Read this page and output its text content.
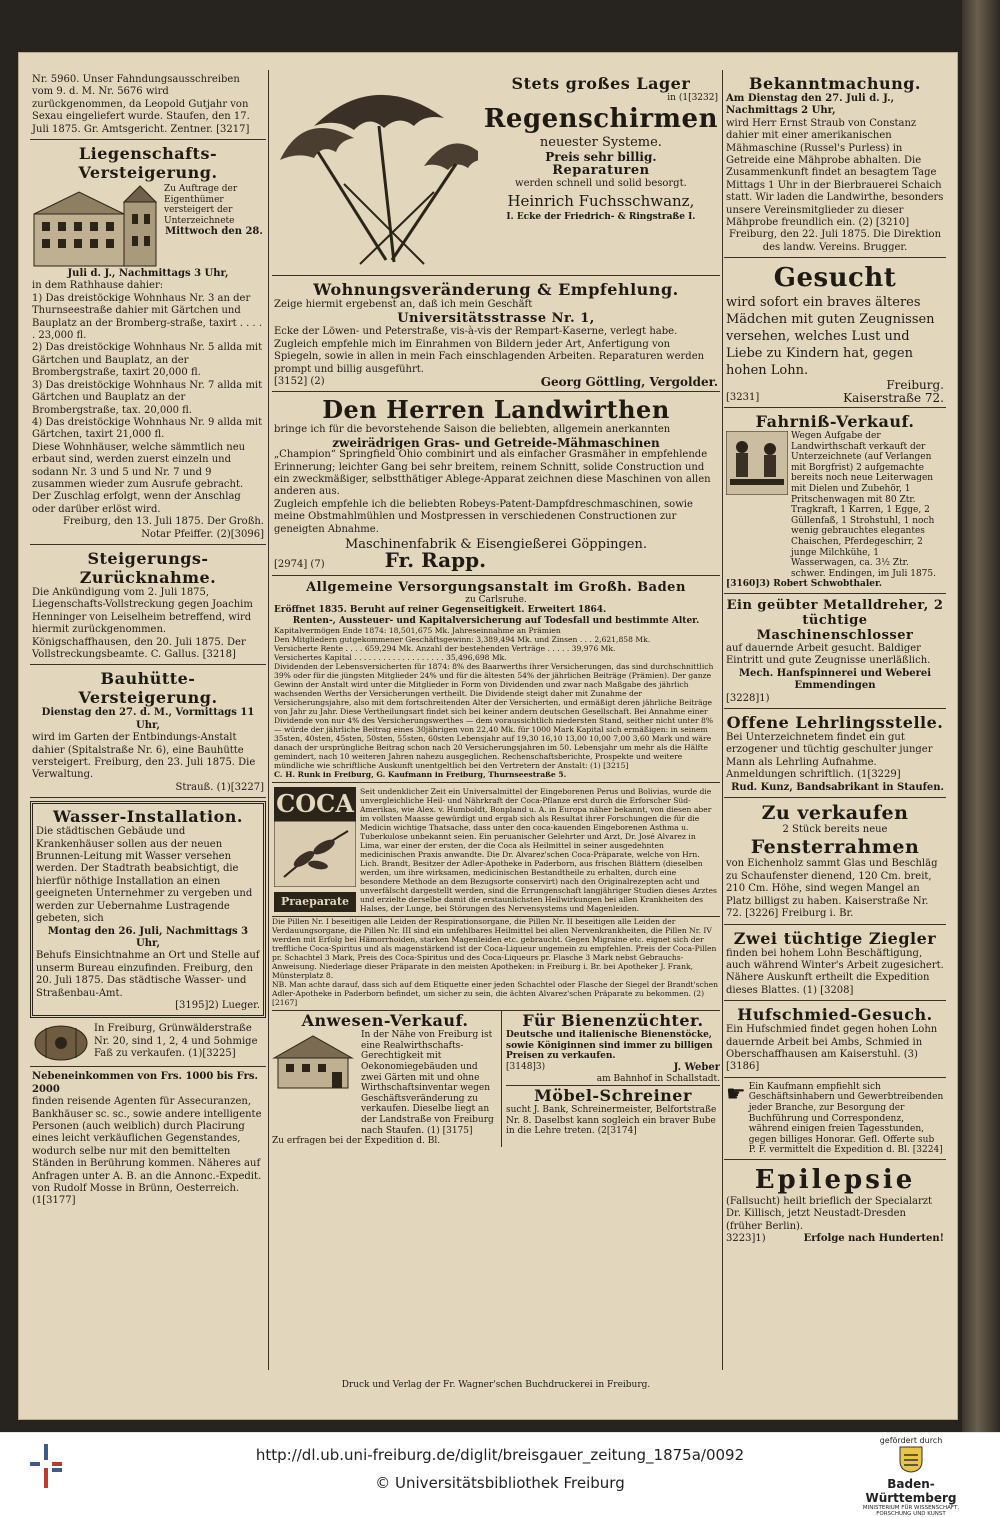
Nr. 5960. Unser Fahndungsausschreiben vom 9. d. M. Nr. 5676 wird zurückgenommen, da Leopold Gutjahr von Sexau eingeliefert wurde. Staufen, den 17. Juli 1875. Gr. Amtsgericht. Zentner. [3217]

Liegenschafts-Versteigerung.

Zu Auftrage der Eigenthümer versteigert der Unterzeichnete

Mittwoch den 28.

Juli d. J., Nachmittags 3 Uhr,

in dem Rathhause dahier:

1) Das dreistöckige Wohnhaus Nr. 3 an der Thurnseestraße dahier mit Gärtchen und Bauplatz an der Bromberg-straße, taxirt . . . . . 23,000 fl.

2) Das dreistöckige Wohnhaus Nr. 5 allda mit Gärtchen und Bauplatz, an der Brombergstraße, taxirt 20,000 fl.

3) Das dreistöckige Wohnhaus Nr. 7 allda mit Gärtchen und Bauplatz an der Brombergstraße, tax. 20,000 fl.

4) Das dreistöckige Wohnhaus Nr. 9 allda mit Gärtchen, taxirt 21,000 fl.

Diese Wohnhäuser, welche sämmtlich neu erbaut sind, werden zuerst einzeln und sodann Nr. 3 und 5 und Nr. 7 und 9 zusammen wieder zum Ausrufe gebracht. Der Zuschlag erfolgt, wenn der Anschlag oder darüber erlöst wird.

Freiburg, den 13. Juli 1875. Der Großh. Notar Pfeiffer. (2)[3096]

Steigerungs-Zurücknahme.

Die Ankündigung vom 2. Juli 1875, Liegenschafts-Vollstreckung gegen Joachim Henninger von Leiselheim betreffend, wird hiermit zurückgenommen. Königschaffhausen, den 20. Juli 1875. Der Vollstreckungsbeamte. C. Gallus. [3218]

Bauhütte-Versteigerung.

Dienstag den 27. d. M., Vormittags 11 Uhr,

wird im Garten der Entbindungs-Anstalt dahier (Spitalstraße Nr. 6), eine Bauhütte versteigert. Freiburg, den 23. Juli 1875. Die Verwaltung.

Strauß. (1)[3227]

Wasser-Installation.

Die städtischen Gebäude und Krankenhäuser sollen aus der neuen Brunnen-Leitung mit Wasser versehen werden. Der Stadtrath beabsichtigt, die hierfür nöthige Installation an einen geeigneten Unternehmer zu vergeben und werden zur Uebernahme Lustragende gebeten, sich

Montag den 26. Juli, Nachmittags 3 Uhr,

Behufs Einsichtnahme an Ort und Stelle auf unserm Bureau einzufinden. Freiburg, den 20. Juli 1875. Das städtische Wasser- und Straßenbau-Amt.

[3195]2) Lueger.

In Freiburg, Grünwälderstraße Nr. 20, sind 1, 2, 4 und 5ohmige Faß zu verkaufen. (1)[3225]

Nebeneinkommen von Frs. 1000 bis Frs. 2000

finden reisende Agenten für Assecuranzen, Bankhäuser sc. sc., sowie andere intelligente Personen (auch weiblich) durch Placirung eines leicht verkäuflichen Gegenstandes, wodurch selbe nur mit den bemittelten Ständen in Berührung kommen. Näheres auf Anfragen unter A. B. an die Annonc.-Expedit. von Rudolf Mosse in Brünn, Oesterreich. (1[3177]

Stets großes Lager

in (1[3232]

Regenschirmen

neuester Systeme.

Preis sehr billig.

Reparaturen

werden schnell und solid besorgt.

Heinrich Fuchsschwanz,

I. Ecke der Friedrich- & Ringstraße I.

Wohnungsveränderung & Empfehlung.

Zeige hiermit ergebenst an, daß ich mein Geschäft

Universitätsstrasse Nr. 1,

Ecke der Löwen- und Peterstraße, vis-à-vis der Rempart-Kaserne, verlegt habe.

Zugleich empfehle mich im Einrahmen von Bildern jeder Art, Anfertigung von Spiegeln, sowie in allen in mein Fach einschlagenden Arbeiten. Reparaturen werden prompt und billig ausgeführt.

[3152] (2)	Georg Göttling, Vergolder.
Den Herren Landwirthen

bringe ich für die bevorstehende Saison die beliebten, allgemein anerkannten

zweirädrigen Gras- und Getreide-Mähmaschinen

„Champion“ Springfield Ohio combinirt und als einfacher Grasmäher in empfehlende Erinnerung; leichter Gang bei sehr breitem, reinem Schnitt, solide Construction und ein zweckmäßiger, selbstthätiger Ablege-Apparat zeichnen diese Maschinen von allen anderen aus.

Zugleich empfehle ich die beliebten Robeys-Patent-Dampfdreschmaschinen, sowie meine Obstmahlmühlen und Mostpressen in verschiedenen Constructionen zur geneigten Abnahme.

Maschinenfabrik & Eisengießerei Göppingen.

[2974] (7)	Fr. Rapp.
Allgemeine Versorgungsanstalt im Großh. Baden

zu Carlsruhe.

Eröffnet 1835. Beruht auf reiner Gegenseitigkeit. Erweitert 1864.

Renten-, Aussteuer- und Kapitalversicherung auf Todesfall und bestimmte Alter.

Kapitalvermögen Ende 1874: 18,501,675 Mk. Jahreseinnahme an Prämien

Den Mitgliedern gutgekommener Geschäftsgewinn: 3,389,494 Mk. und Zinsen . . . 2,621,858 Mk.

Versicherte Rente . . . . 659,294 Mk. Anzahl der bestehenden Verträge . . . . . 39,976 Mk.

Versichertes Kapital . . . . . . . . . . . . . . . . . . . 35,496,698 Mk.

Dividenden der Lebensversicherten für 1874: 8% des Baarwerths ihrer Versicherungen, das sind durchschnittlich 39% oder für die jüngsten Mitglieder 24% und für die ältesten 54% der jährlichen Beiträge (Prämien). Der ganze Gewinn der Anstalt wird unter die Mitglieder in Form von Dividenden und zwar nach Maßgabe des jährlich wachsenden Werths der Versicherungen vertheilt. Die Dividende steigt daher mit Zunahme der Versicherungsjahre, also mit dem fortschreitenden Alter der Versicherten, und ermäßigt deren jährliche Beiträge von Jahr zu Jahr. Diese Vertheilungsart findet sich bei keiner andern deutschen Gesellschaft. Bei Annahme einer Dividende von nur 4% des Versicherungswerthes — dem voraussichtlich niedersten Stand, seither nicht unter 8% — würde der jährliche Beitrag eines 30jährigen von 22,40 Mk. für 1000 Mark Kapital sich ermäßigen: in seinem 35sten, 40sten, 45sten, 50sten, 55sten, 60sten Lebensjahr auf 19,30 16,10 13,00 10,00 7,00 3,60 Mark und wäre danach der ursprüngliche Beitrag schon nach 20 Versicherungsjahren im 50. Lebensjahr um mehr als die Hälfte gemindert, nach 10 weiteren Jahren nahezu ausgeglichen. Rechenschaftsberichte, Prospekte und weitere mündliche wie schriftliche Auskunft unentgeltlich bei den Vertretern der Anstalt: (1) [3215]

C. H. Runk in Freiburg, G. Kaufmann in Freiburg, Thurnseestraße 5.

COCA
Praeparate

Seit undenklicher Zeit ein Universalmittel der Eingeborenen Perus und Bolivias, wurde die unvergleichliche Heil- und Nährkraft der Coca-Pflanze erst durch die Erforscher Süd-Amerikas, wie Alex. v. Humboldt, Bonpland u. A. in Europa näher bekannt, von diesen aber im vollsten Maasse gewürdigt und ergab sich als Resultat ihrer Forschungen die für die Medicin wichtige Thatsache, dass unter den coca-kauenden Eingeborenen Asthma u. Tuberkulose unbekannt seien. Ein peruanischer Gelehrter und Arzt, Dr. José Alvarez in Lima, war einer der ersten, der die Coca als Heilmittel in seiner ausgedehnten medicinischen Praxis anwandte. Die Dr. Alvarez'schen Coca-Präparate, welche von Hrn. Lich. Brandt, Besitzer der Adler-Apotheke in Paderborn, aus frischen Blättern (dieselben werden, um ihre wirksamen, medicinischen Bestandtheile zu erhalten, durch eine besondere Methode an dem Bezugsorte conservirt) nach den Originalrezepten acht und unverfälscht dargestellt werden, sind die Errungenschaft langjähriger Studien dieses Arztes und erzielte derselbe damit die erstaunlichsten Heilwirkungen bei allen Krankheiten des Halses, der Lunge, bei Störungen des Nervensystems und Magenleiden.

Die Pillen Nr. I beseitigen alle Leiden der Respirationsorgane, die Pillen Nr. II beseitigen alle Leiden der Verdauungsorgane, die Pillen Nr. III sind ein unfehlbares Heilmittel bei allen Nervenkrankheiten, die Pillen Nr. IV werden mit Erfolg bei Hämorrhoiden, starken Magenleiden etc. gebraucht. Gegen Migraine etc. eignet sich der treffliche Coca-Spiritus und als magenstärkend ist der Coca-Liqueur ungemein zu empfehlen. Preis der Coca-Pillen pr. Schachtel 3 Mark, Preis des Coca-Spiritus und des Coca-Liqueurs pr. Flasche 3 Mark nebst Gebrauchs-Anweisung. Niederlage dieser Präparate in den meisten Apotheken: in Freiburg i. Br. bei Apotheker J. Frank, Münsterplatz 8.

NB. Man achte darauf, dass sich auf dem Etiquette einer jeden Schachtel oder Flasche der Siegel der Brandt'schen Adler-Apotheke in Paderborn befindet, um sicher zu sein, die ächten Alvarez'schen Präparate zu bekommen. (2) [2167]

Anwesen-Verkauf.

In der Nähe von Freiburg ist eine Realwirthschafts-Gerechtigkeit mit Oekonomiegebäuden und zwei Gärten mit und ohne Wirthschaftsinventar wegen Geschäftsveränderung zu verkaufen. Dieselbe liegt an der Landstraße von Freiburg nach Staufen. (1) [3175]

Zu erfragen bei der Expedition d. Bl.

Für Bienenzüchter.

Deutsche und italienische Bienenstöcke, sowie Königinnen sind immer zu billigen Preisen zu verkaufen.

[3148]3)	J. Weber

am Bahnhof in Schallstadt.

Möbel-Schreiner

sucht J. Bank, Schreinermeister, Belfortstraße Nr. 8. Daselbst kann sogleich ein braver Bube in die Lehre treten. (2[3174]

Bekanntmachung.

Am Dienstag den 27. Juli d. J., Nachmittags 2 Uhr,

wird Herr Ernst Straub von Constanz dahier mit einer amerikanischen Mähmaschine (Russel's Purless) in Getreide eine Mähprobe abhalten. Die Zusammenkunft findet an besagtem Tage Mittags 1 Uhr in der Bierbrauerei Schaich statt. Wir laden die Landwirthe, besonders unsere Vereinsmitglieder zu dieser Mähprobe freundlich ein. (2) [3210]

Freiburg, den 22. Juli 1875. Die Direktion des landw. Vereins. Brugger.

Gesucht

wird sofort ein braves älteres Mädchen mit guten Zeugnissen versehen, welches Lust und Liebe zu Kindern hat, gegen hohen Lohn.

Freiburg.

[3231]	Kaiserstraße 72.
Fahrniß-Verkauf.

Wegen Aufgabe der Landwirthschaft verkauft der Unterzeichnete (auf Verlangen mit Borgfrist) 2 aufgemachte bereits noch neue Leiterwagen mit Dielen und Zubehör, 1 Pritschenwagen mit 80 Ztr. Tragkraft, 1 Karren, 1 Egge, 2 Güllenfaß, 1 Strohstuhl, 1 noch wenig gebrauchtes elegantes Chaischen, Pferdegeschirr, 2 junge Milchkühe, 1 Wasserwagen, ca. 3½ Ztr. schwer. Endingen, im Juli 1875.

[3160]3) Robert Schwobthaler.

Ein geübter Metalldreher, 2 tüchtige Maschinenschlosser

auf dauernde Arbeit gesucht. Baldiger Eintritt und gute Zeugnisse unerläßlich.

Mech. Hanfspinnerei und Weberei Emmendingen

[3228]1)

Offene Lehrlingsstelle.

Bei Unterzeichnetem findet ein gut erzogener und tüchtig geschulter junger Mann als Lehrling Aufnahme. Anmeldungen schriftlich. (1[3229]

Rud. Kunz, Bandsabrikant in Staufen.

Zu verkaufen

2 Stück bereits neue

Fensterrahmen

von Eichenholz sammt Glas und Beschläg zu Schaufenster dienend, 120 Cm. breit, 210 Cm. Höhe, sind wegen Mangel an Platz billigst zu haben. Kaiserstraße Nr. 72. [3226] Freiburg i. Br.

Zwei tüchtige Ziegler

finden bei hohem Lohn Beschäftigung, auch während Winter's Arbeit zugesichert. Nähere Auskunft ertheilt die Expedition dieses Blattes. (1) [3208]

Hufschmied-Gesuch.

Ein Hufschmied findet gegen hohen Lohn dauernde Arbeit bei Ambs, Schmied in Oberschaffhausen am Kaiserstuhl. (3)[3186]

☛ Ein Kaufmann empfiehlt sich Geschäftsinhabern und Gewerbtreibenden jeder Branche, zur Besorgung der Buchführung und Correspondenz, während einigen freien Tagesstunden, gegen billiges Honorar. Gefl. Offerte sub P. F. vermittelt die Expedition d. Bl. [3224]

Epilepsie

(Fallsucht) heilt brieflich der Specialarzt Dr. Killisch, jetzt Neustadt-Dresden (früher Berlin).

3223]1)	Erfolge nach Hunderten!
Druck und Verlag der Fr. Wagner'schen Buchdruckerei in Freiburg.
http://dl.ub.uni-freiburg.de/diglit/breisgauer_zeitung_1875a/0092
© Universitätsbibliothek Freiburg
gefördert durch
Baden-Württemberg
MINISTERIUM FÜR WISSENSCHAFT, FORSCHUNG UND KUNST
